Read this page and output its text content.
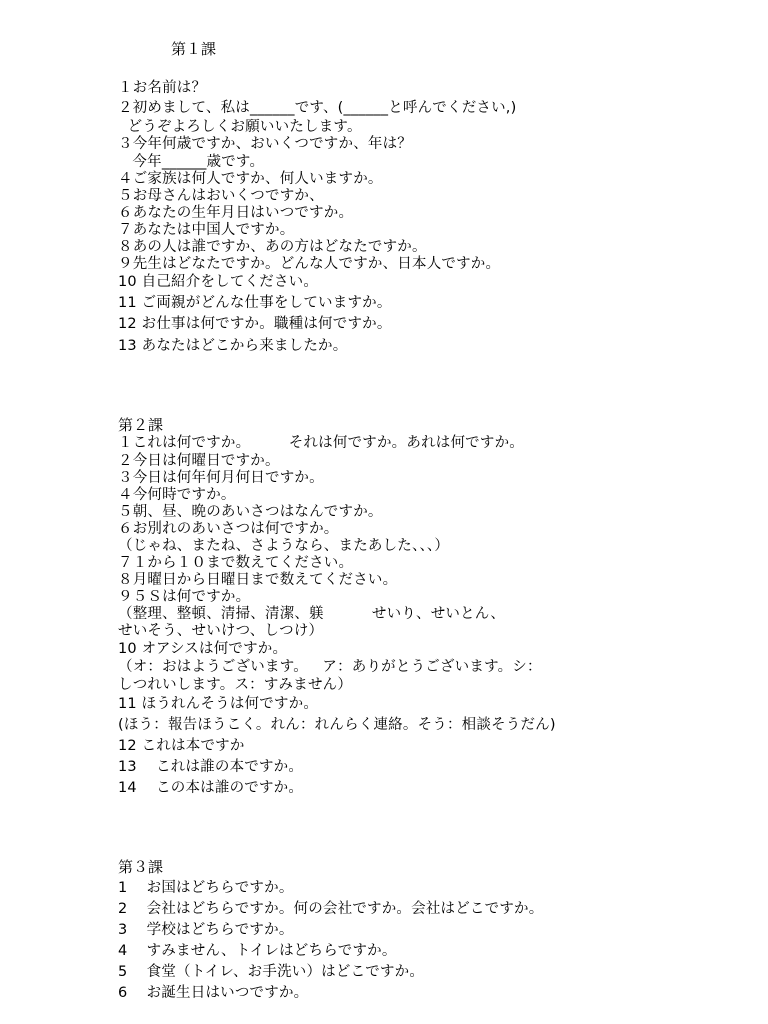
第１課
１お名前は？
２初めまして、私は______です、(______と呼んでください,)
どうぞよろしくお願いいたします。
３今年何歳ですか、おいくつですか、年は？
今年______歳です。
４ご家族は何人ですか、何人いますか。
５お母さんはおいくつですか、
６あなたの生年月日はいつですか。
７あなたは中国人ですか。
８あの人は誰ですか、あの方はどなたですか。
９先生はどなたですか。どんな人ですか、日本人ですか。
10 自己紹介をしてください。
11 ご両親がどんな仕事をしていますか。
12 お仕事は何ですか。職種は何ですか。
13 あなたはどこから来ましたか。
第２課
１これは何ですか。        それは何ですか。あれは何ですか。
２今日は何曜日ですか。
３今日は何年何月何日ですか。
４今何時ですか。
５朝、昼、晩のあいさつはなんですか。
６お別れのあいさつは何ですか。
（じゃね、またね、さようなら、またあした、、、）
７１から１０まで数えてください。
８月曜日から日曜日まで数えてください。
９５Ｓは何ですか。
（整理、整頓、清掃、清潔、躾          せいり、せいとん、
せいそう、せいけつ、しつけ）
10 オアシスは何ですか。
（オ：おはようございます。   ア：ありがとうございます。シ：
しつれいします。ス：すみません）
11 ほうれんそうは何ですか。
(ほう：報告ほうこく。れん：れんらく連絡。そう：相談そうだん)
12 これは本ですか
13    これは誰の本ですか。
14    この本は誰のですか。
第３課
1    お国はどちらですか。
2    会社はどちらですか。何の会社ですか。会社はどこですか。
3    学校はどちらですか。
4    すみません、トイレはどちらですか。
5    食堂（トイレ、お手洗い）はどこですか。
6    お誕生日はいつですか。
